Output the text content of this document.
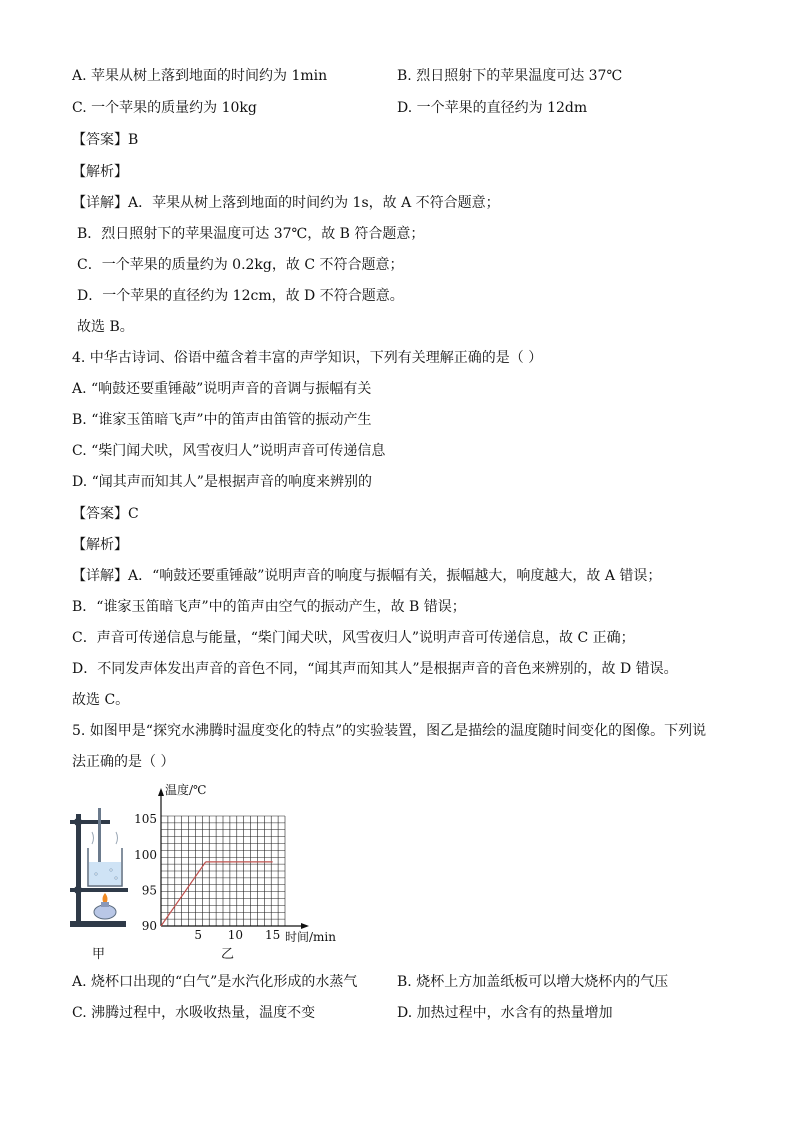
A. 苹果从树上落到地面的时间约为 1min	B. 烈日照射下的苹果温度可达 37℃
C. 一个苹果的质量约为 10kg	D. 一个苹果的直径约为 12dm
【答案】B
【解析】
【详解】A．苹果从树上落到地面的时间约为 1s，故 A 不符合题意；
B．烈日照射下的苹果温度可达 37℃，故 B 符合题意；
C．一个苹果的质量约为 0.2kg，故 C 不符合题意；
D．一个苹果的直径约为 12cm，故 D 不符合题意。
故选 B。
4. 中华古诗词、俗语中蕴含着丰富的声学知识，下列有关理解正确的是（ ）
A. “响鼓还要重锤敲”说明声音的音调与振幅有关
B. “谁家玉笛暗飞声”中的笛声由笛管的振动产生
C. “柴门闻犬吠，风雪夜归人”说明声音可传递信息
D. “闻其声而知其人”是根据声音的响度来辨别的
【答案】C
【解析】
【详解】A．“响鼓还要重锤敲”说明声音的响度与振幅有关，振幅越大，响度越大，故 A 错误；
B．“谁家玉笛暗飞声”中的笛声由空气的振动产生，故 B 错误；
C．声音可传递信息与能量，“柴门闻犬吠，风雪夜归人”说明声音可传递信息，故 C 正确；
D．不同发声体发出声音的音色不同，“闻其声而知其人”是根据声音的音色来辨别的，故 D 错误。
故选 C。
5. 如图甲是“探究水沸腾时温度变化的特点”的实验装置，图乙是描绘的温度随时间变化的图像。下列说
法正确的是（ ）
甲
90
95
100
105
5 10 15
温度/℃
时间/min
乙
A. 烧杯口出现的“白气”是水汽化形成的水蒸气	B. 烧杯上方加盖纸板可以增大烧杯内的气压
C. 沸腾过程中，水吸收热量，温度不变	D. 加热过程中，水含有的热量增加
